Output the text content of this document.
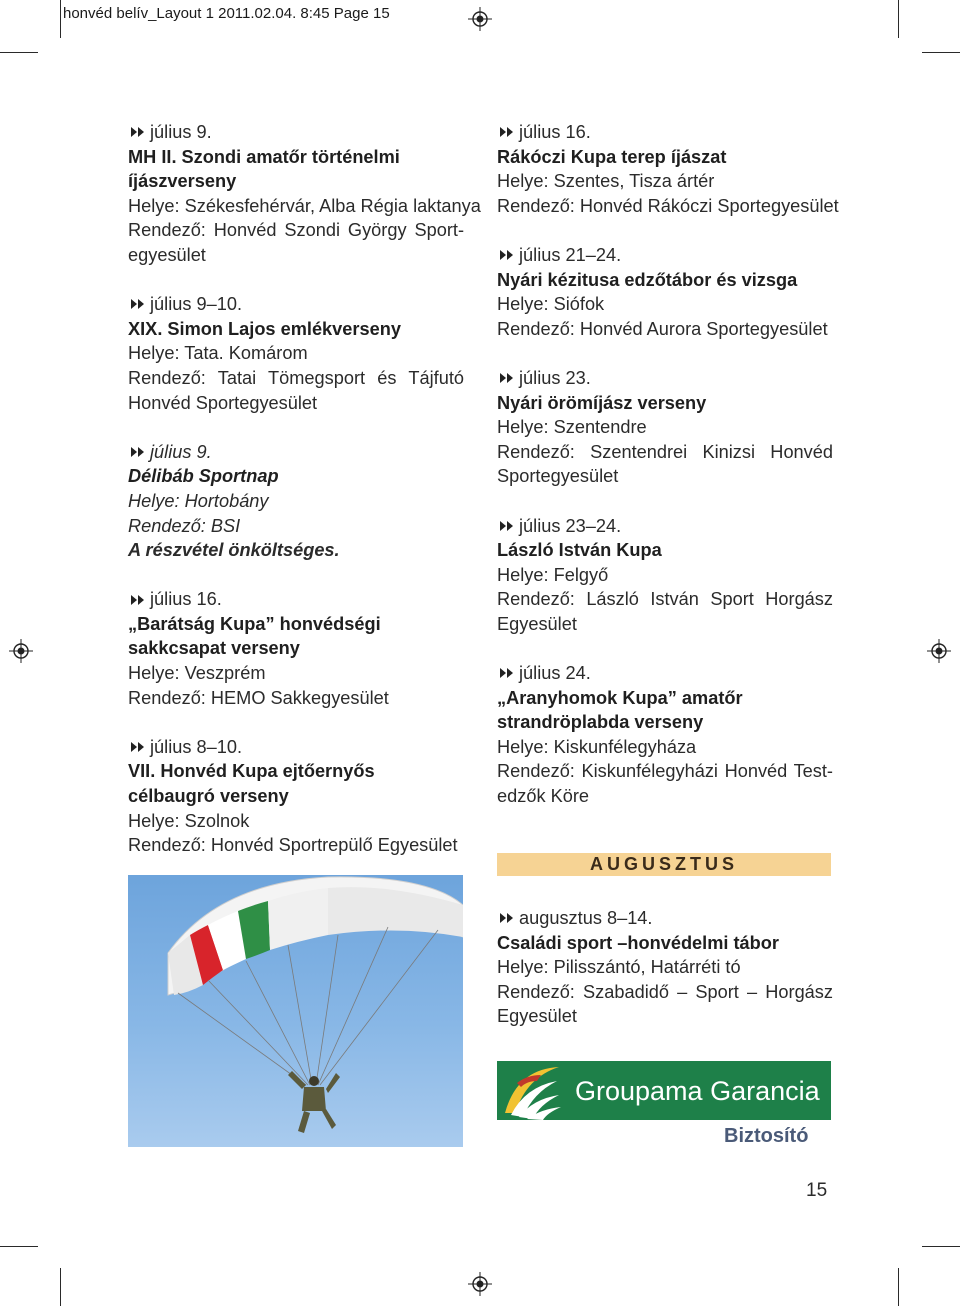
honvéd belív_Layout 1 2011.02.04. 8:45 Page 15
július 9.
MH II. Szondi amatőr történelmi íjászverseny
Helye: Székesfehérvár, Alba Régia laktanya
Rendező: Honvéd Szondi György Sport-egyesület
július 9–10.
XIX. Simon Lajos emlékverseny
Helye: Tata. Komárom
Rendező: Tatai Tömegsport és Tájfutó Honvéd Sportegyesület
július 9.
Délibáb Sportnap
Helye: Hortobány
Rendező: BSI
A részvétel önköltséges.
július 16.
„Barátság Kupa” honvédségi sakkcsapat verseny
Helye: Veszprém
Rendező: HEMO Sakkegyesület
július 8–10.
VII. Honvéd Kupa ejtőernyős célbaugró verseny
Helye: Szolnok
Rendező: Honvéd Sportrepülő Egyesület
július 16.
Rákóczi Kupa terep íjászat
Helye: Szentes, Tisza ártér
Rendező: Honvéd Rákóczi Sportegyesület
július 21–24.
Nyári kézitusa edzőtábor és vizsga
Helye: Siófok
Rendező: Honvéd Aurora Sportegyesület
július 23.
Nyári örömíjász verseny
Helye: Szentendre
Rendező: Szentendrei Kinizsi Honvéd Sportegyesület
július 23–24.
László István Kupa
Helye: Felgyő
Rendező: László István Sport Horgász Egyesület
július 24.
„Aranyhomok Kupa” amatőr strandröplabda verseny
Helye: Kiskunfélegyháza
Rendező: Kiskunfélegyházi Honvéd Test-edzők Köre
AUGUSZTUS
augusztus 8–14.
Családi sport –honvédelmi tábor
Helye: Pilisszántó, Határréti tó
Rendező: Szabadidő – Sport – Horgász Egyesület
Groupama Garancia
Biztosító
15
